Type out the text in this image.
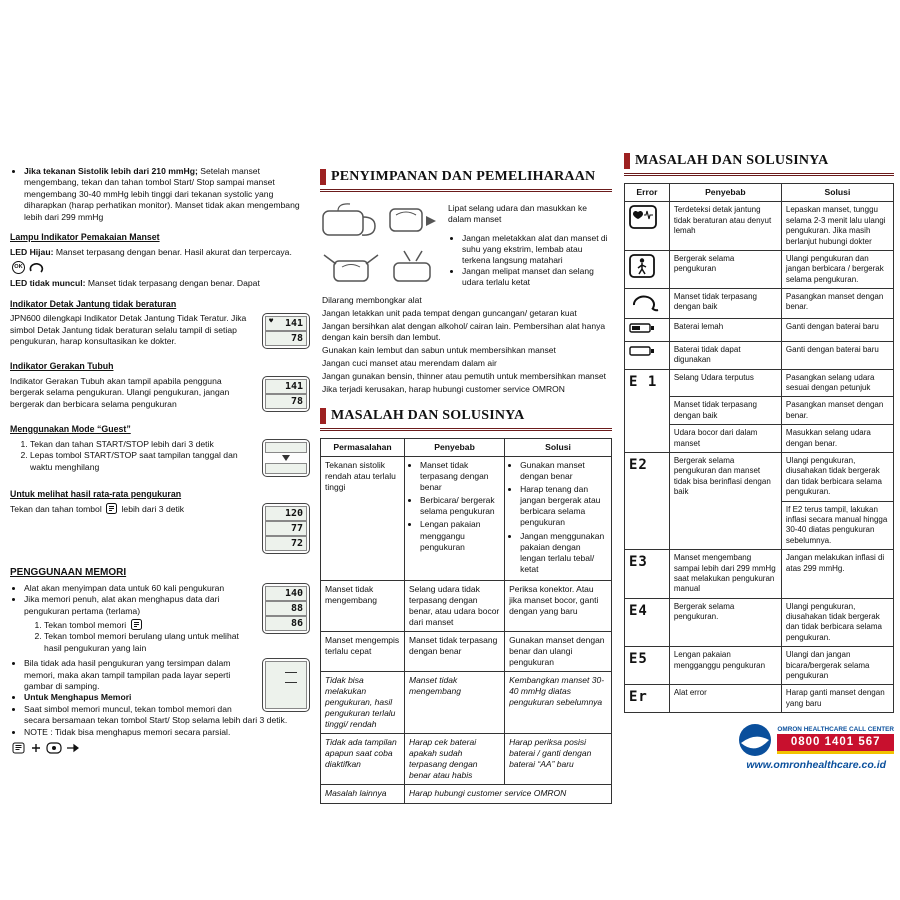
• Jika tekanan Sistolik lebih dari 210 mmHg; Setelah manset mengembang, tekan dan tahan tombol Start/ Stop sampai manset mengembang 30-40 mmHg lebih tinggi dari tekanan systolic yang diharapkan (harap perhatikan monitor). Manset tidak akan mengembang lebih dari 299 mmHg
Lampu Indikator Pemakaian Manset

LED Hijau: Manset terpasang dengan benar. Hasil akurat dan terpercaya.

OK

LED tidak muncul: Manset tidak terpasang dengan benar. Dapat

Indikator Detak Jantung tidak beraturan
♥ 141
78

JPN600 dilengkapi Indikator Detak Jantung Tidak Teratur. Jika simbol Detak Jantung tidak beraturan selalu tampil di setiap pengukuran, harap konsultasikan ke dokter.

Indikator Gerakan Tubuh
141
78

Indikator Gerakan Tubuh akan tampil apabila pengguna bergerak selama pengukuran. Ulangi pengukuran, jangan bergerak dan berbicara selama pengukuran

Menggunakan Mode “Guest”
1. Tekan dan tahan START/STOP lebih dari 3 detik
2. Lepas tombol START/STOP saat tampilan tanggal dan waktu menghilang
Untuk melihat hasil rata-rata pengukuran
120
77
72

Tekan dan tahan tombol lebih dari 3 detik

PENGGUNAAN MEMORI
140
88
86
• Alat akan menyimpan data untuk 60 kali pengukuran
• Jika memori penuh, alat akan menghapus data dari pengukuran pertama (terlama)
1. Tekan tombol memori
2. Tekan tombol memori berulang ulang untuk melihat hasil pengukuran yang lain
• Bila tidak ada hasil pengukuran yang tersimpan dalam memori, maka akan tampil tampilan pada layar seperti gambar di samping.
• Untuk Menghapus Memori
• Saat simbol memori muncul, tekan tombol memori dan secara bersamaan tekan tombol Start/ Stop selama lebih dari 3 detik.
• NOTE : Tidak bisa menghapus memori secara parsial.
PENYIMPANAN DAN PEMELIHARAAN

Lipat selang udara dan masukkan ke dalam manset

• Jangan meletakkan alat dan manset di suhu yang ekstrim, lembab atau terkena langsung matahari
• Jangan melipat manset dan selang udara terlalu ketat
Dilarang membongkar alat
Jangan letakkan unit pada tempat dengan guncangan/ getaran kuat
Jangan bersihkan alat dengan alkohol/ cairan lain. Pembersihan alat hanya dengan kain bersih dan lembut.
Gunakan kain lembut dan sabun untuk membersihkan manset
Jangan cuci manset atau merendam dalam air
Jangan gunakan bensin, thinner atau pemutih untuk membersihkan manset
Jika terjadi kerusakan, harap hubungi customer service OMRON
MASALAH DAN SOLUSINYA
Permasalahan	Penyebab	Solusi
Tekanan sistolik rendah atau terlalu tinggi	
• Manset tidak terpasang dengan benar
• Berbicara/ bergerak selama pengukuran
• Lengan pakaian menggangu pengukuran

• Gunakan manset dengan benar
• Harap tenang dan jangan bergerak atau berbicara selama pengukuran
• Jangan menggunakan pakaian dengan lengan terlalu tebal/ ketat

Manset tidak mengembang	Selang udara tidak terpasang dengan benar, atau udara bocor dari manset	Periksa konektor. Atau jika manset bocor, ganti dengan yang baru
Manset mengempis terlalu cepat	Manset tidak terpasang dengan benar	Gunakan manset dengan benar dan ulangi pengukuran
Tidak bisa melakukan pengukuran, hasil pengukuran terlalu tinggi/ rendah	Manset tidak mengembang	Kembangkan manset 30-40 mmHg diatas pengukuran sebelumnya
Tidak ada tampilan apapun saat coba diaktifkan	Harap cek baterai apakah sudah terpasang dengan benar atau habis	Harap periksa posisi baterai / ganti dengan baterai “AA” baru
Masalah lainnya	Harap hubungi customer service OMRON	
MASALAH DAN SOLUSINYA
Error	Penyebab	Solusi
	Terdeteksi detak jantung tidak beraturan atau denyut lemah	Lepaskan manset, tunggu selama 2-3 menit lalu ulangi pengukuran. Jika masih berlanjut hubungi dokter
	Bergerak selama pengukuran	Ulangi pengukuran dan jangan berbicara / bergerak selama pengukuran.
	Manset tidak terpasang dengan baik	Pasangkan manset dengan benar.
	Baterai lemah	Ganti dengan baterai baru
	Baterai tidak dapat digunakan	Ganti dengan baterai baru
E 1	Selang Udara terputus	Pasangkan selang udara sesuai dengan petunjuk
	Manset tidak terpasang dengan baik	Pasangkan manset dengan benar.
	Udara bocor dari dalam manset	Masukkan selang udara dengan benar.
E2	Bergerak selama pengukuran dan manset tidak bisa berinflasi dengan baik	Ulangi pengukuran, diusahakan tidak bergerak dan tidak berbicara selama pengukuran.
		If E2 terus tampil, lakukan inflasi secara manual hingga 30-40 diatas pengukuran sebelumnya.
E3	Manset mengembang sampai lebih dari 299 mmHg saat melakukan pengukuran manual	Jangan melakukan inflasi di atas 299 mmHg.
E4	Bergerak selama pengukuran.	Ulangi pengukuran, diusahakan tidak bergerak dan tidak berbicara selama pengukuran.
E5	Lengan pakaian mengganggu pengukuran	Ulangi dan jangan bicara/bergerak selama pengukuran
Er	Alat error	Harap ganti manset dengan yang baru
OMRON HEALTHCARE CALL CENTER
0800 1401 567
www.omronhealthcare.co.id
